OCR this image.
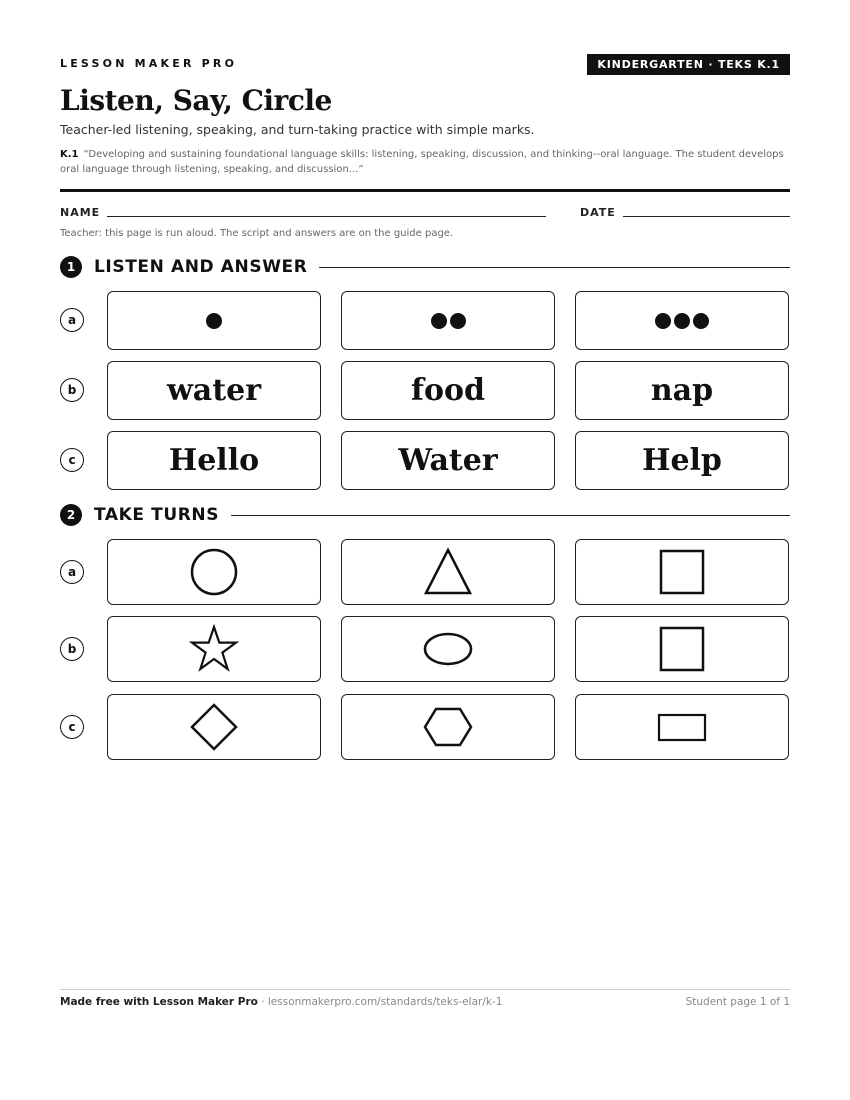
LESSON MAKER PRO	KINDERGARTEN · TEKS K.1
Listen, Say, Circle
Teacher-led listening, speaking, and turn-taking practice with simple marks.
K.1 “Developing and sustaining foundational language skills: listening, speaking, discussion, and thinking--oral language. The student develops oral language through listening, speaking, and discussion...”
NAME	DATE
Teacher: this page is run aloud. The script and answers are on the guide page.
1	LISTEN AND ANSWER
a
b	water	food	nap
c	Hello	Water	Help
2	TAKE TURNS
a
b
c
Made free with Lesson Maker Pro · lessonmakerpro.com/standards/teks-elar/k-1	Student page 1 of 1
